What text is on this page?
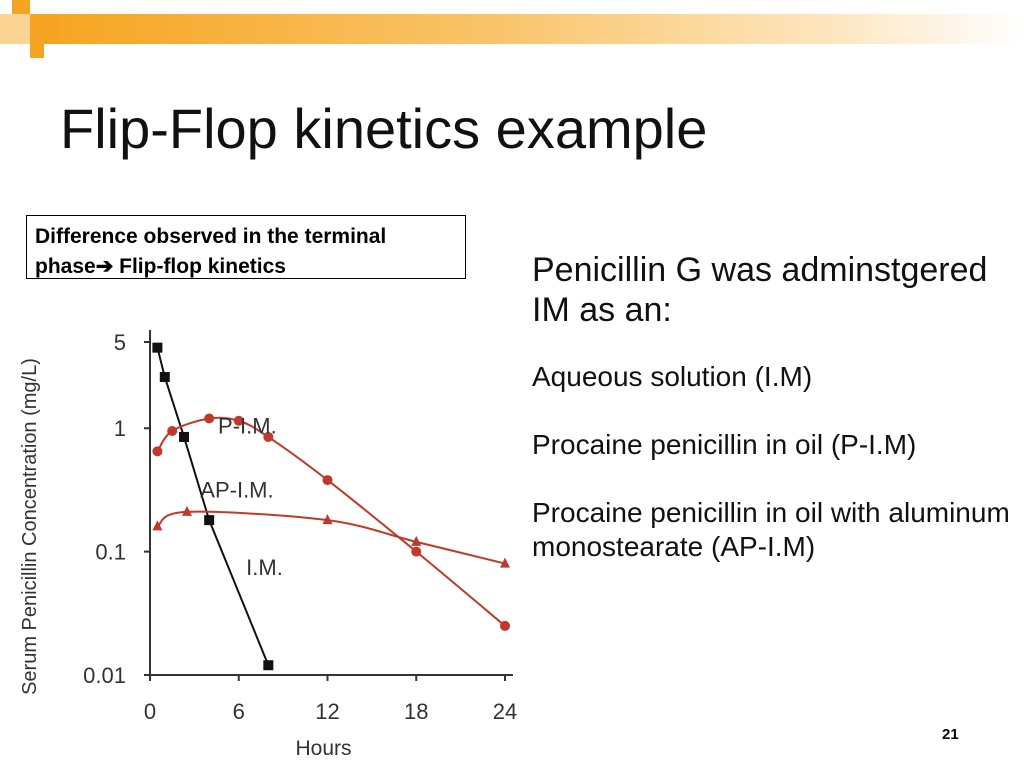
Flip-Flop kinetics example
Difference observed in the terminal
phase➔ Flip-flop kinetics
5
1
0.1
0.01
0	6	12	18	24
Hours
Serum Penicillin Concentration (mg/L)	I.M.
P-I.M.
AP-I.M.

Penicillin G was adminstgered IM as an:

Aqueous solution (I.M)

Procaine penicillin in oil (P-I.M)

Procaine penicillin in oil with aluminum monostearate (AP-I.M)

21
